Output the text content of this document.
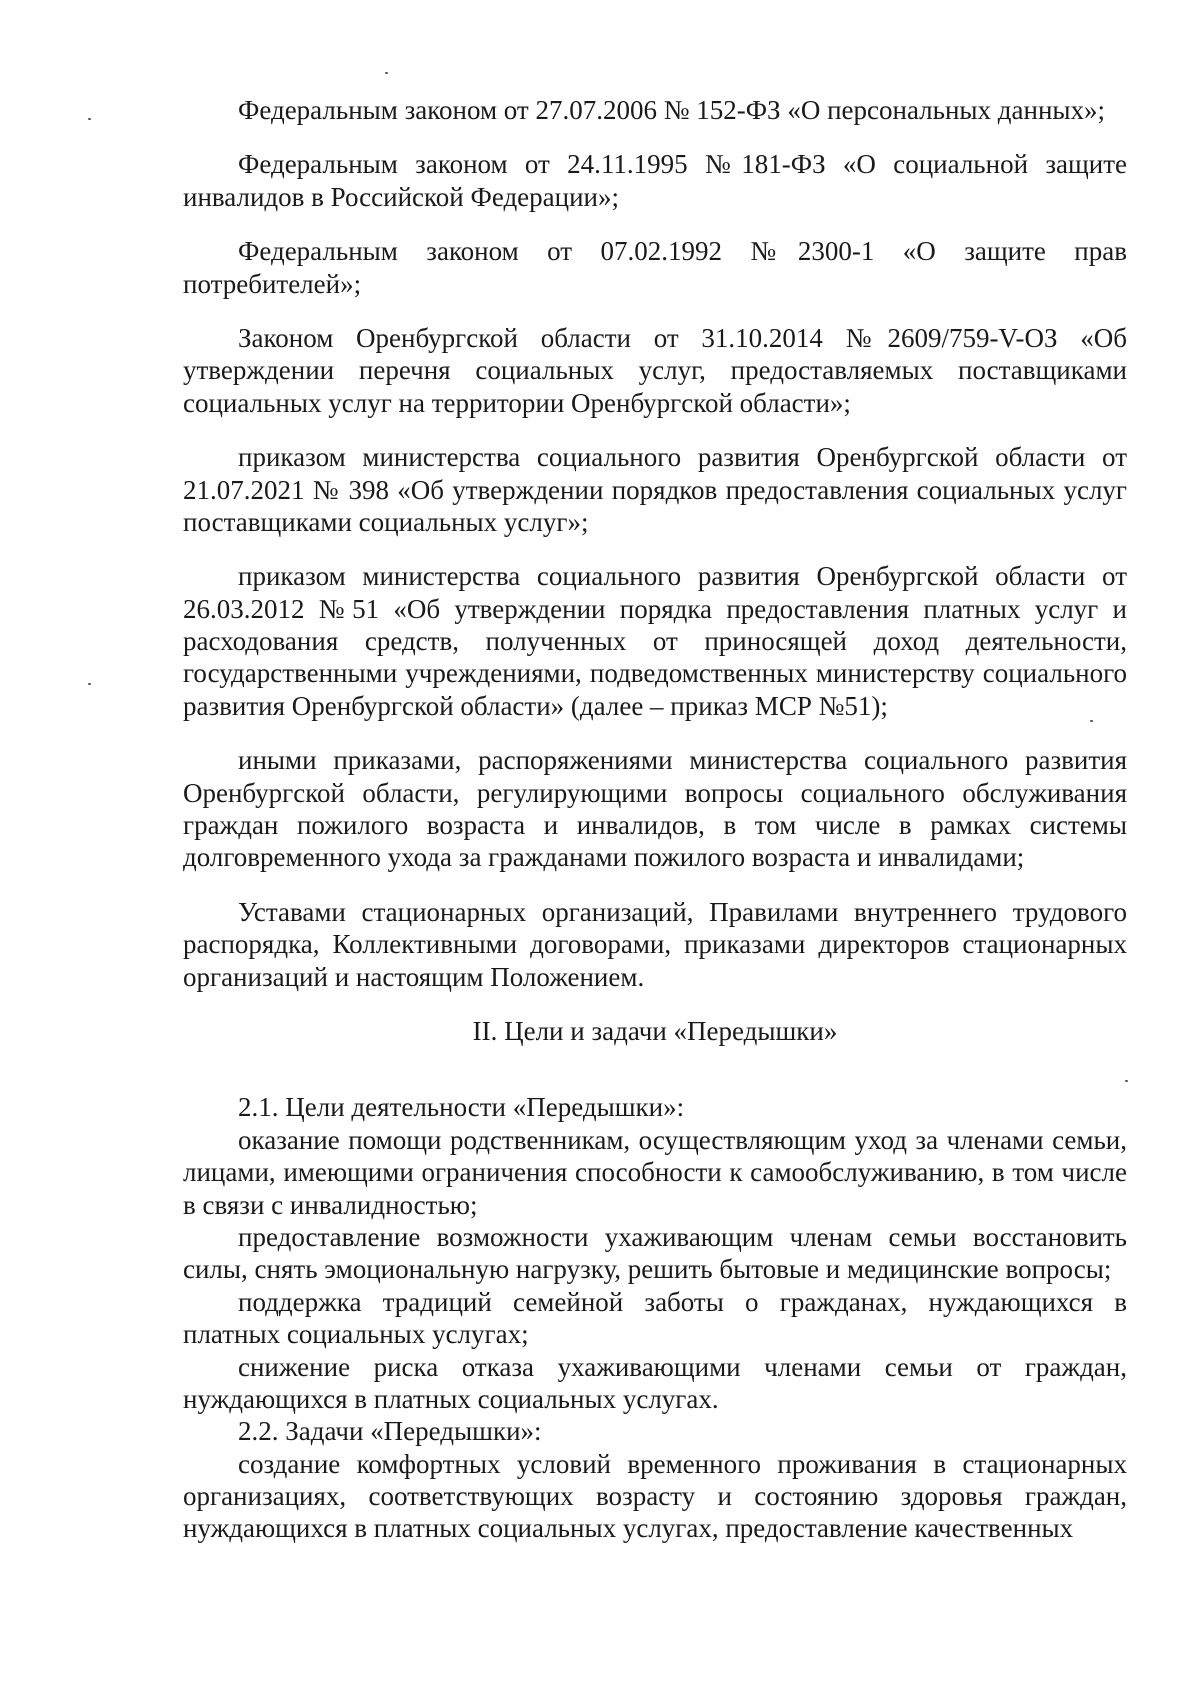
Федеральным законом от 27.07.2006 № 152-ФЗ «О персональных данных»;

Федеральным законом от 24.11.1995 №181-ФЗ «О социальной защите инвалидов в Российской Федерации»;

Федеральным законом от 07.02.1992 №2300-1 «О защите прав потребителей»;

Законом Оренбургской области от 31.10.2014 №2609/759-V-ОЗ «Об утверждении перечня социальных услуг, предоставляемых поставщиками социальных услуг на территории Оренбургской области»;

приказом министерства социального развития Оренбургской области от 21.07.2021 № 398 «Об утверждении порядков предоставления социальных услуг поставщиками социальных услуг»;

приказом министерства социального развития Оренбургской области от 26.03.2012 №51 «Об утверждении порядка предоставления платных услуг и расходования средств, полученных от приносящей доход деятельности, государственными учреждениями, подведомственных министерству социального развития Оренбургской области» (далее – приказ МСР №51);

иными приказами, распоряжениями министерства социального развития Оренбургской области, регулирующими вопросы социального обслуживания граждан пожилого возраста и инвалидов, в том числе в рамках системы долговременного ухода за гражданами пожилого возраста и инвалидами;

Уставами стационарных организаций, Правилами внутреннего трудового распорядка, Коллективными договорами, приказами директоров стационарных организаций и настоящим Положением.

II. Цели и задачи «Передышки»

2.1. Цели деятельности «Передышки»:

оказание помощи родственникам, осуществляющим уход за членами семьи, лицами, имеющими ограничения способности к самообслуживанию, в том числе в связи с инвалидностью;

предоставление возможности ухаживающим членам семьи восстановить силы, снять эмоциональную нагрузку, решить бытовые и медицинские вопросы;

поддержка традиций семейной заботы о гражданах, нуждающихся в платных социальных услугах;

снижение риска отказа ухаживающими членами семьи от граждан, нуждающихся в платных социальных услугах.

2.2. Задачи «Передышки»:

создание комфортных условий временного проживания в стационарных организациях, соответствующих возрасту и состоянию здоровья граждан, нуждающихся в платных социальных услугах, предоставление качественных
